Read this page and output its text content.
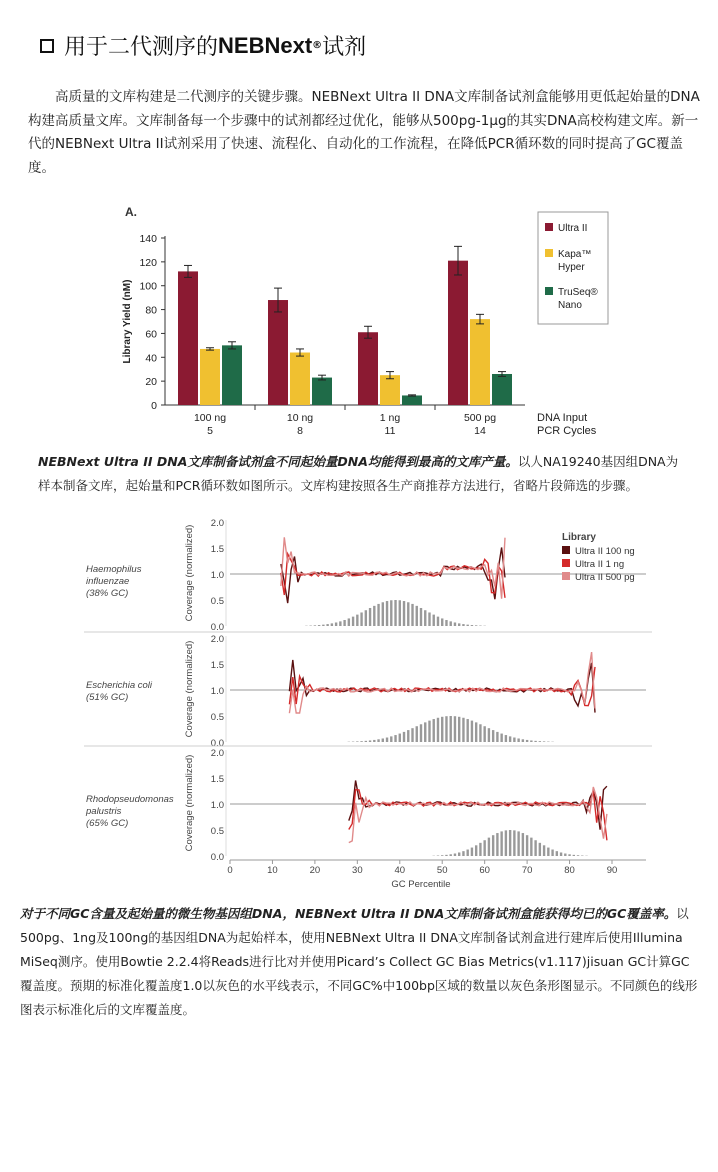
用于二代测序的 NEBNext ® 试剂

高质量的文库构建是二代测序的关键步骤。NEBNext Ultra II DNA文库制备试剂盒能够用更低起始量的DNA构建高质量文库。文库制备每一个步骤中的试剂都经过优化，能够从500pg-1μg的其实DNA高校构建文库。新一代的NEBNext Ultra II试剂采用了快速、流程化、自动化的工作流程，在降低PCR循环数的同时提高了GC覆盖度。

A.
0
20
40
60
80
100
120
140
Library Yield (nM)
100 ng
5
10 ng
8
1 ng
11
500 pg
14
DNA Input
PCR Cycles
Ultra II
Kapa™
Hyper
TruSeq®
Nano
NEBNext Ultra II DNA文库制备试剂盒不同起始量DNA均能得到最高的文库产量。以人NA19240基因组DNA为样本制备文库，起始量和PCR循环数如图所示。文库构建按照各生产商推荐方法进行，省略片段筛选的步骤。
0.0
0.5
1.0
1.5
2.0
Coverage (normalized)
Haemophilus
influenzae
(38% GC)
0.0
0.5
1.0
1.5
2.0
Coverage (normalized)
Escherichia coli
(51% GC)
0.0
0.5
1.0
1.5
2.0
Coverage (normalized)
Rhodopseudomonas
palustris
(65% GC)
Library
Ultra II 100 ng
Ultra II 1 ng
Ultra II 500 pg
0	10	20	30	40	50	60	70	80	90
GC Percentile
对于不同GC含量及起始量的微生物基因组DNA，NEBNext Ultra II DNA文库制备试剂盒能获得均已的GC覆盖率。以500pg、1ng及100ng的基因组DNA为起始样本，使用NEBNext Ultra II DNA文库制备试剂盒进行建库后使用Illumina MiSeq测序。使用Bowtie 2.2.4将Reads进行比对并使用Picard’s Collect GC Bias Metrics(v1.117)jisuan GC计算GC覆盖度。预期的标准化覆盖度1.0以灰色的水平线表示，不同GC%中100bp区域的数量以灰色条形图显示。不同颜色的线形图表示标准化后的文库覆盖度。
